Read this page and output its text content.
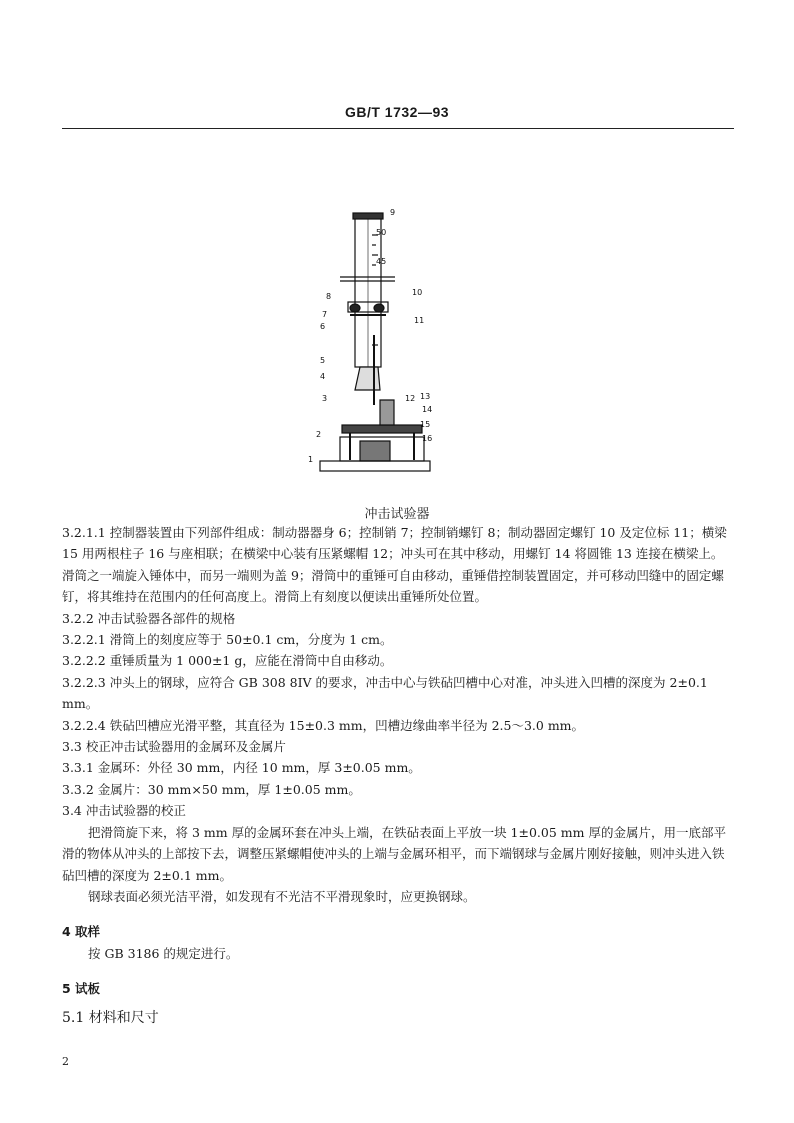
GB/T 1732—93
50
45
1
2
3
4
5
6
7
8
9
10
11
12 13
14
15
16
冲击试验器

3.2.1.1 控制器装置由下列部件组成：制动器器身 6；控制销 7；控制销螺钉 8；制动器固定螺钉 10 及定位标 11；横梁 15 用两根柱子 16 与座相联；在横梁中心装有压紧螺帽 12；冲头可在其中移动，用螺钉 14 将圆锥 13 连接在横梁上。滑筒之一端旋入锤体中，而另一端则为盖 9；滑筒中的重锤可自由移动，重锤借控制装置固定，并可移动凹缝中的固定螺钉，将其维持在范围内的任何高度上。滑筒上有刻度以便读出重锤所处位置。

3.2.2 冲击试验器各部件的规格

3.2.2.1 滑筒上的刻度应等于 50±0.1 cm，分度为 1 cm。

3.2.2.2 重锤质量为 1 000±1 g，应能在滑筒中自由移动。

3.2.2.3 冲头上的钢球，应符合 GB 308 8IV 的要求，冲击中心与铁砧凹槽中心对准，冲头进入凹槽的深度为 2±0.1 mm。

3.2.2.4 铁砧凹槽应光滑平整，其直径为 15±0.3 mm，凹槽边缘曲率半径为 2.5～3.0 mm。

3.3 校正冲击试验器用的金属环及金属片

3.3.1 金属环：外径 30 mm，内径 10 mm，厚 3±0.05 mm。

3.3.2 金属片：30 mm×50 mm，厚 1±0.05 mm。

3.4 冲击试验器的校正

把滑筒旋下来，将 3 mm 厚的金属环套在冲头上端，在铁砧表面上平放一块 1±0.05 mm 厚的金属片，用一底部平滑的物体从冲头的上部按下去，调整压紧螺帽使冲头的上端与金属环相平，而下端钢球与金属片刚好接触，则冲头进入铁砧凹槽的深度为 2±0.1 mm。

钢球表面必须光洁平滑，如发现有不光洁不平滑现象时，应更换钢球。

4 取样

按 GB 3186 的规定进行。

5 试板

5.1 材料和尺寸

2
